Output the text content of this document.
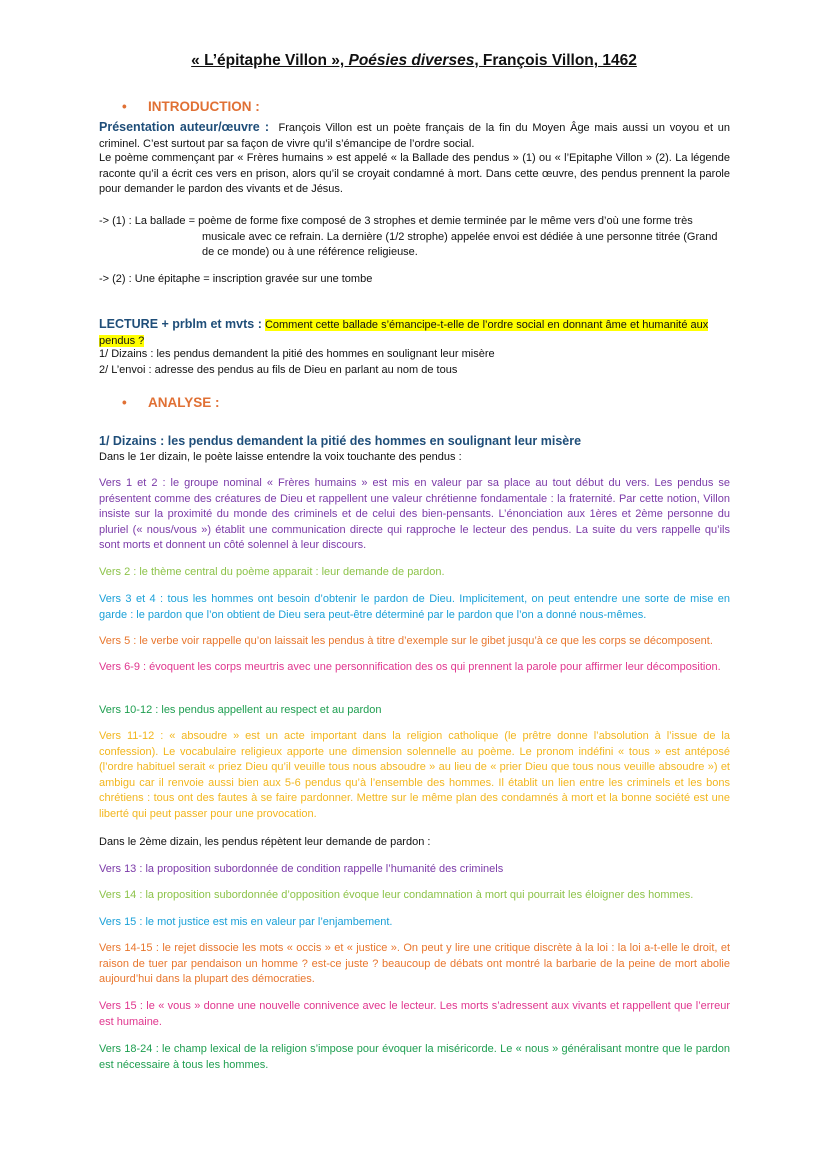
« L’épitaphe Villon », Poésies diverses, François Villon, 1462
• INTRODUCTION :
Présentation auteur/œuvre : François Villon est un poète français de la fin du Moyen Âge mais aussi un voyou et un criminel. C’est surtout par sa façon de vivre qu’il s’émancipe de l’ordre social.
Le poème commençant par « Frères humains » est appelé « la Ballade des pendus » (1) ou « l’Epitaphe Villon » (2). La légende raconte qu’il a écrit ces vers en prison, alors qu’il se croyait condamné à mort. Dans cette œuvre, des pendus prennent la parole pour demander le pardon des vivants et de Jésus.
-> (1) : La ballade = poème de forme fixe composé de 3 strophes et demie terminée par le même vers d’où une forme très
musicale avec ce refrain. La dernière (1/2 strophe) appelée envoi est dédiée à une personne titrée (Grand de ce monde) ou à une référence religieuse.
-> (2) : Une épitaphe = inscription gravée sur une tombe
LECTURE + prblm et mvts : Comment cette ballade s’émancipe-t-elle de l’ordre social en donnant âme et humanité aux pendus ?
1/ Dizains : les pendus demandent la pitié des hommes en soulignant leur misère
2/ L’envoi : adresse des pendus au fils de Dieu en parlant au nom de tous
• ANALYSE :
1/ Dizains : les pendus demandent la pitié des hommes en soulignant leur misère
Dans le 1er dizain, le poète laisse entendre la voix touchante des pendus :
Vers 1 et 2 : le groupe nominal « Frères humains » est mis en valeur par sa place au tout début du vers. Les pendus se présentent comme des créatures de Dieu et rappellent une valeur chrétienne fondamentale : la fraternité. Par cette notion, Villon insiste sur la proximité du monde des criminels et de celui des bien-pensants. L’énonciation aux 1ères et 2ème personne du pluriel (« nous/vous ») établit une communication directe qui rapproche le lecteur des pendus. La suite du vers rappelle qu’ils sont morts et donnent un côté solennel à leur discours.
Vers 2 : le thème central du poème apparait : leur demande de pardon.
Vers 3 et 4 : tous les hommes ont besoin d’obtenir le pardon de Dieu. Implicitement, on peut entendre une sorte de mise en garde : le pardon que l’on obtient de Dieu sera peut-être déterminé par le pardon que l’on a donné nous-mêmes.
Vers 5 : le verbe voir rappelle qu’on laissait les pendus à titre d’exemple sur le gibet jusqu’à ce que les corps se décomposent.
Vers 6-9 : évoquent les corps meurtris avec une personnification des os qui prennent la parole pour affirmer leur décomposition.
Vers 10-12 : les pendus appellent au respect et au pardon
Vers 11-12 : « absoudre » est un acte important dans la religion catholique (le prêtre donne l’absolution à l’issue de la confession). Le vocabulaire religieux apporte une dimension solennelle au poème. Le pronom indéfini « tous » est antéposé (l’ordre habituel serait « priez Dieu qu’il veuille tous nous absoudre » au lieu de « prier Dieu que tous nous veuille absoudre ») et ambigu car il renvoie aussi bien aux 5-6 pendus qu’à l’ensemble des hommes. Il établit un lien entre les criminels et les bons chrétiens : tous ont des fautes à se faire pardonner. Mettre sur le même plan des condamnés à mort et la bonne société est une liberté qui peut passer pour une provocation.
Dans le 2ème dizain, les pendus répètent leur demande de pardon :
Vers 13 : la proposition subordonnée de condition rappelle l’humanité des criminels
Vers 14 : la proposition subordonnée d’opposition évoque leur condamnation à mort qui pourrait les éloigner des hommes.
Vers 15 : le mot justice est mis en valeur par l’enjambement.
Vers 14-15 : le rejet dissocie les mots « occis » et « justice ». On peut y lire une critique discrète à la loi : la loi a-t-elle le droit, et raison de tuer par pendaison un homme ? est-ce juste ? beaucoup de débats ont montré la barbarie de la peine de mort abolie aujourd’hui dans la plupart des démocraties.
Vers 15 : le « vous » donne une nouvelle connivence avec le lecteur. Les morts s’adressent aux vivants et rappellent que l’erreur est humaine.
Vers 18-24 : le champ lexical de la religion s’impose pour évoquer la miséricorde. Le « nous » généralisant montre que le pardon est nécessaire à tous les hommes.
